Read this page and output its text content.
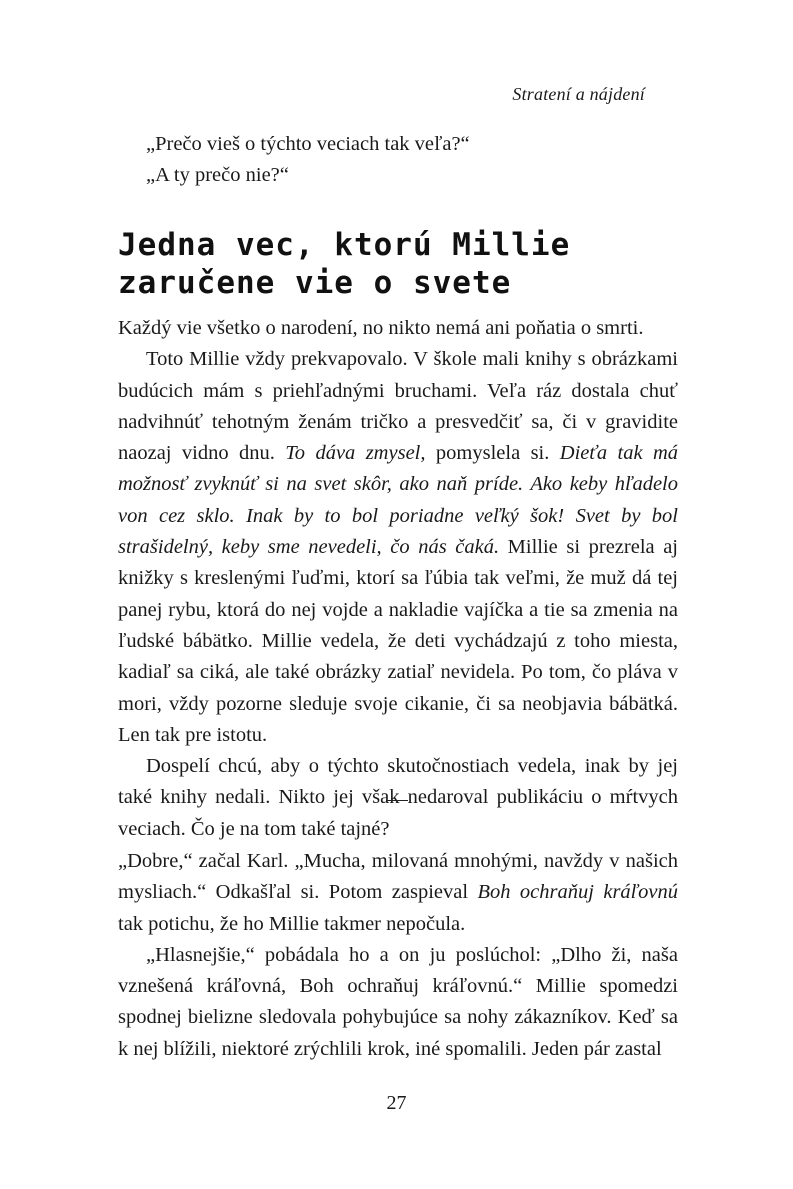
Stratení a nájdení

„Prečo vieš o týchto veciach tak veľa?“

„A ty prečo nie?“

Jedna vec, ktorú Millie
zaručene vie o svete

Každý vie všetko o narodení, no nikto nemá ani poňatia o smrti.

Toto Millie vždy prekvapovalo. V škole mali knihy s obrázkami budúcich mám s priehľadnými bruchami. Veľa ráz dostala chuť nadvihnúť tehotným ženám tričko a presvedčiť sa, či v gravidite naozaj vidno dnu. To dáva zmysel, pomyslela si. Dieťa tak má možnosť zvyknúť si na svet skôr, ako naň príde. Ako keby hľadelo von cez sklo. Inak by to bol poriadne veľký šok! Svet by bol strašidelný, keby sme nevedeli, čo nás čaká. Millie si prezrela aj knižky s kreslenými ľuďmi, ktorí sa ľúbia tak veľmi, že muž dá tej panej rybu, ktorá do nej vojde a nakladie vajíčka a tie sa zmenia na ľudské bábätko. Millie vedela, že deti vychádzajú z toho miesta, kadiaľ sa ciká, ale také obrázky zatiaľ nevidela. Po tom, čo pláva v mori, vždy pozorne sleduje svoje cikanie, či sa neobjavia bábätká. Len tak pre istotu.

Dospelí chcú, aby o týchto skutočnostiach vedela, inak by jej také knihy nedali. Nikto jej však nedaroval publikáciu o mŕtvych veciach. Čo je na tom také tajné?

„Dobre,“ začal Karl. „Mucha, milovaná mnohými, navždy v našich mysliach.“ Odkašľal si. Potom zaspieval Boh ochraňuj kráľovnú tak potichu, že ho Millie takmer nepočula.

„Hlasnejšie,“ pobádala ho a on ju poslúchol: „Dlho ži, naša vznešená kráľovná, Boh ochraňuj kráľovnú.“ Millie spomedzi spodnej bielizne sledovala pohybujúce sa nohy zákazníkov. Keď sa k nej blížili, niektoré zrýchlili krok, iné spomalili. Jeden pár zastal

27
